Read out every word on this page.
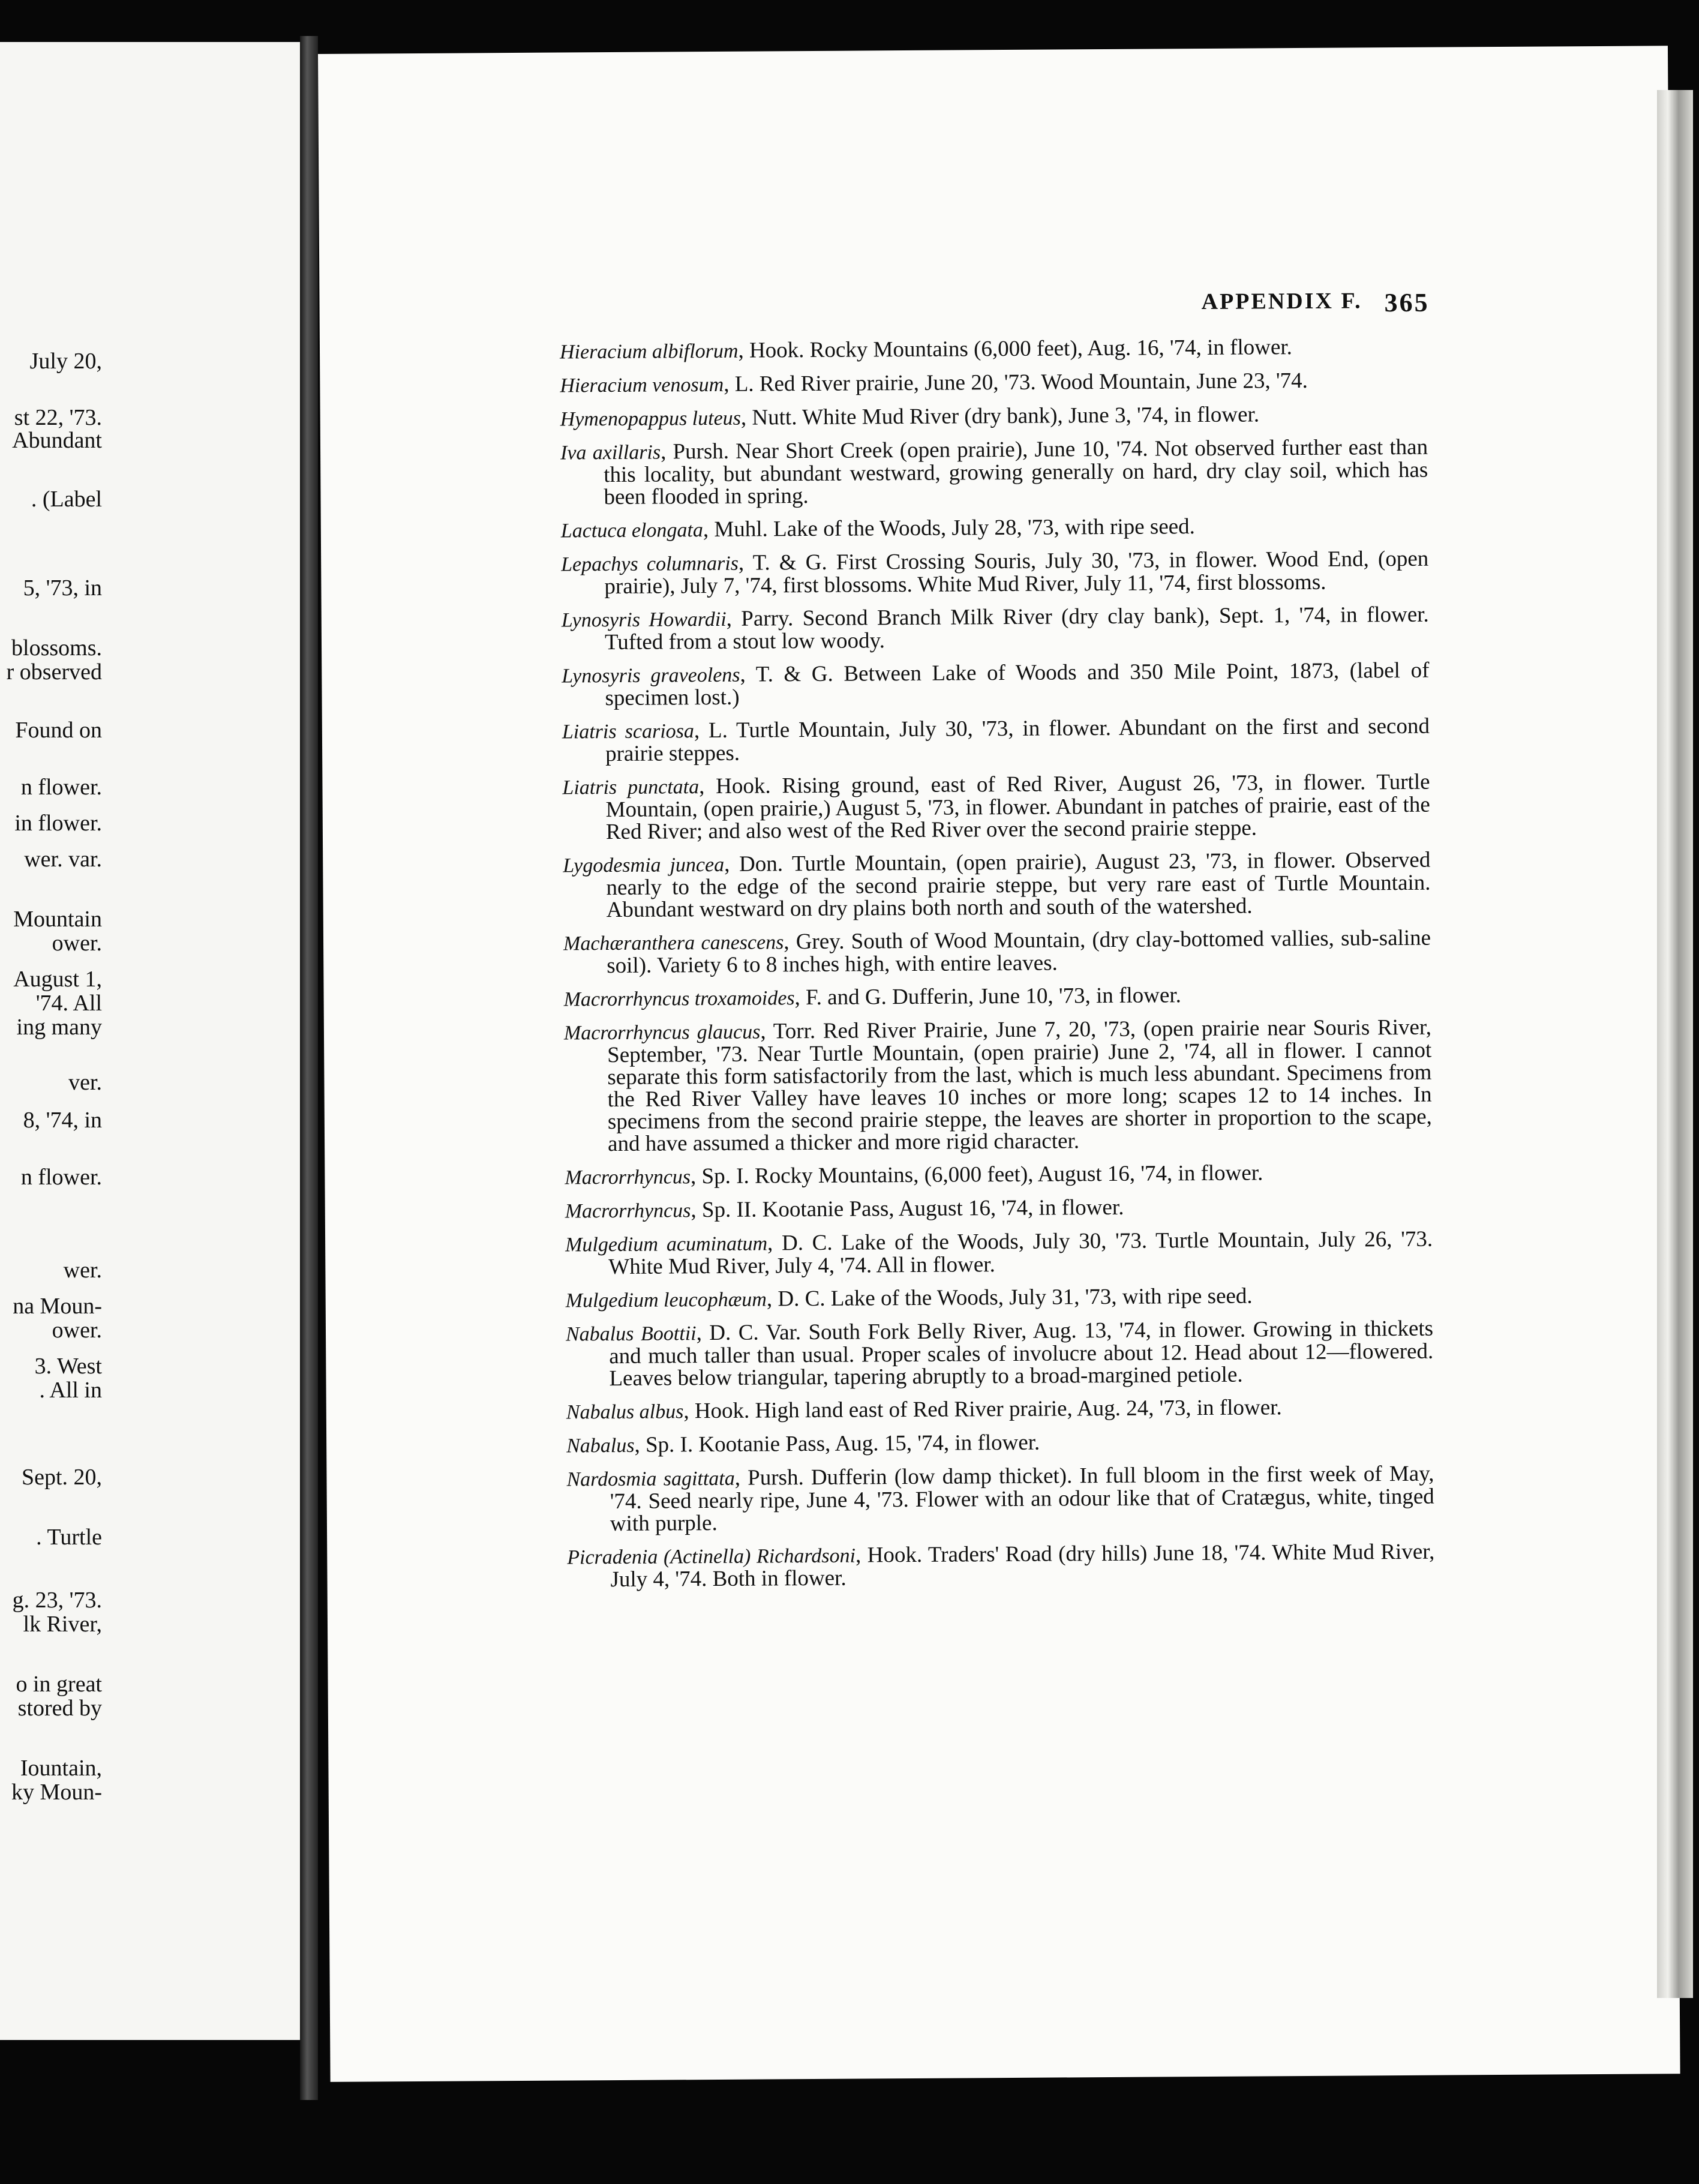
July 20,
st 22, '73.
Abundant
. (Label
5, '73, in
blossoms.
r observed
Found on
n flower.
in flower.
wer. var.
Mountain
ower.
August 1,
'74. All
ing many
ver.
8, '74, in
n flower.
wer.
na Moun-
ower.
3. West
. All in
Sept. 20,
. Turtle
g. 23, '73.
lk River,
o in great
stored by
Iountain,
ky Moun-
APPENDIX F. 365

Hieracium albiflorum, Hook. Rocky Mountains (6,000 feet), Aug. 16, '74, in flower.

Hieracium venosum, L. Red River prairie, June 20, '73. Wood Mountain, June 23, '74.

Hymenopappus luteus, Nutt. White Mud River (dry bank), June 3, '74, in flower.

Iva axillaris, Pursh. Near Short Creek (open prairie), June 10, '74. Not observed further east than this locality, but abundant westward, growing generally on hard, dry clay soil, which has been flooded in spring.

Lactuca elongata, Muhl. Lake of the Woods, July 28, '73, with ripe seed.

Lepachys columnaris, T. & G. First Crossing Souris, July 30, '73, in flower. Wood End, (open prairie), July 7, '74, first blossoms. White Mud River, July 11, '74, first blossoms.

Lynosyris Howardii, Parry. Second Branch Milk River (dry clay bank), Sept. 1, '74, in flower. Tufted from a stout low woody.

Lynosyris graveolens, T. & G. Between Lake of Woods and 350 Mile Point, 1873, (label of specimen lost.)

Liatris scariosa, L. Turtle Mountain, July 30, '73, in flower. Abundant on the first and second prairie steppes.

Liatris punctata, Hook. Rising ground, east of Red River, August 26, '73, in flower. Turtle Mountain, (open prairie,) August 5, '73, in flower. Abundant in patches of prairie, east of the Red River; and also west of the Red River over the second prairie steppe.

Lygodesmia juncea, Don. Turtle Mountain, (open prairie), August 23, '73, in flower. Observed nearly to the edge of the second prairie steppe, but very rare east of Turtle Mountain. Abundant westward on dry plains both north and south of the watershed.

Machæranthera canescens, Grey. South of Wood Mountain, (dry clay-bottomed vallies, sub-saline soil). Variety 6 to 8 inches high, with entire leaves.

Macrorrhyncus troxamoides, F. and G. Dufferin, June 10, '73, in flower.

Macrorrhyncus glaucus, Torr. Red River Prairie, June 7, 20, '73, (open prairie near Souris River, September, '73. Near Turtle Mountain, (open prairie) June 2, '74, all in flower. I cannot separate this form satisfactorily from the last, which is much less abundant. Specimens from the Red River Valley have leaves 10 inches or more long; scapes 12 to 14 inches. In specimens from the second prairie steppe, the leaves are shorter in proportion to the scape, and have assumed a thicker and more rigid character.

Macrorrhyncus, Sp. I. Rocky Mountains, (6,000 feet), August 16, '74, in flower.

Macrorrhyncus, Sp. II. Kootanie Pass, August 16, '74, in flower.

Mulgedium acuminatum, D. C. Lake of the Woods, July 30, '73. Turtle Mountain, July 26, '73. White Mud River, July 4, '74. All in flower.

Mulgedium leucophæum, D. C. Lake of the Woods, July 31, '73, with ripe seed.

Nabalus Boottii, D. C. Var. South Fork Belly River, Aug. 13, '74, in flower. Growing in thickets and much taller than usual. Proper scales of involucre about 12. Head about 12—flowered. Leaves below triangular, tapering abruptly to a broad-margined petiole.

Nabalus albus, Hook. High land east of Red River prairie, Aug. 24, '73, in flower.

Nabalus, Sp. I. Kootanie Pass, Aug. 15, '74, in flower.

Nardosmia sagittata, Pursh. Dufferin (low damp thicket). In full bloom in the first week of May, '74. Seed nearly ripe, June 4, '73. Flower with an odour like that of Cratægus, white, tinged with purple.

Picradenia (Actinella) Richardsoni, Hook. Traders' Road (dry hills) June 18, '74. White Mud River, July 4, '74. Both in flower.
